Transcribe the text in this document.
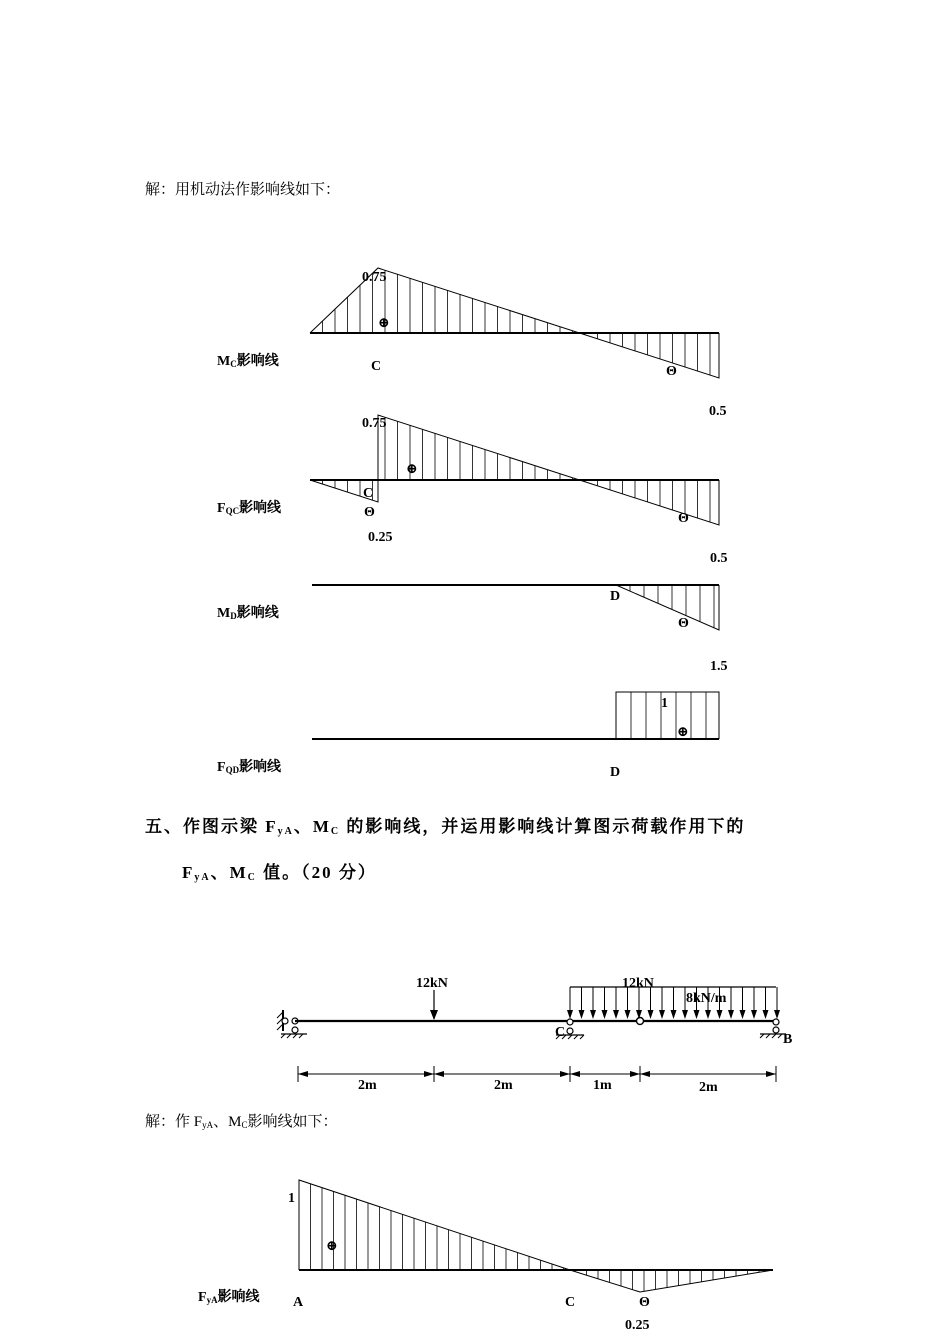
解：用机动法作影响线如下：
$M_C$影响线
$F_{QC}$影响线
$M_D$影响线
$F_{QD}$影响线
五、作图示梁 FyA、MC 的影响线，并运用影响线计算图示荷载作用下的
FyA、MC 值。（20 分）
解：作 $F_{yA}$、$M_C$影响线如下：
$F_{yA}$影响线
0.75
⊕
C	Θ
0.5
0.75
⊕
C
Θ
0.25
Θ
0.5
D
Θ
1.5
1
⊕
D
12kN	12kN
8kN/m
C	B
2m	2m	1m	2m
1
⊕
A	C	Θ
0.25
